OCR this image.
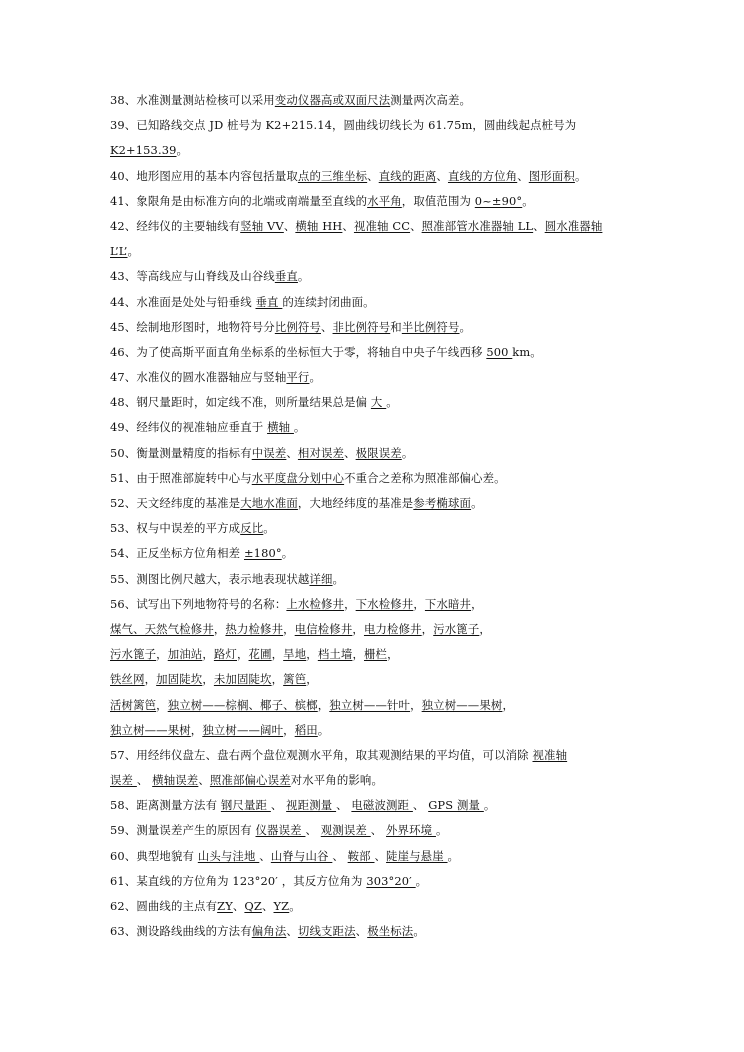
38、水准测量测站检核可以采用变动仪器高或双面尺法测量两次高差。
39、已知路线交点 JD 桩号为 K2+215.14，圆曲线切线长为 61.75m，圆曲线起点桩号为
K2+153.39。
40、地形图应用的基本内容包括量取点的三维坐标、直线的距离、直线的方位角、图形面积。
41、象限角是由标准方向的北端或南端量至直线的水平角，取值范围为 0~±90°。
42、经纬仪的主要轴线有竖轴 VV、横轴 HH、视准轴 CC、照准部管水准器轴 LL、圆水准器轴
L’L’。
43、等高线应与山脊线及山谷线垂直。
44、水准面是处处与铅垂线 垂直 的连续封闭曲面。
45、绘制地形图时，地物符号分比例符号、非比例符号和半比例符号。
46、为了使高斯平面直角坐标系的坐标恒大于零，将轴自中央子午线西移 500 km。
47、水准仪的圆水准器轴应与竖轴平行。
48、钢尺量距时，如定线不准，则所量结果总是偏 大 。
49、经纬仪的视准轴应垂直于 横轴 。
50、衡量测量精度的指标有中误差、相对误差、极限误差。
51、由于照准部旋转中心与水平度盘分划中心不重合之差称为照准部偏心差。
52、天文经纬度的基准是大地水准面，大地经纬度的基准是参考椭球面。
53、权与中误差的平方成反比。
54、正反坐标方位角相差 ±180°。
55、测图比例尺越大，表示地表现状越详细。
56、试写出下列地物符号的名称：上水检修井，下水检修井，下水暗井，
煤气、天然气检修井，热力检修井，电信检修井，电力检修井，污水篦子，
污水篦子，加油站，路灯，花圃，旱地，档土墙，栅栏，
铁丝网，加固陡坎，未加固陡坎，篱笆，
活树篱笆，独立树——棕榈、椰子、槟榔，独立树——针叶，独立树——果树，
独立树——果树，独立树——阔叶，稻田。
57、用经纬仪盘左、盘右两个盘位观测水平角，取其观测结果的平均值，可以消除 视准轴
误差 、 横轴误差、照准部偏心误差对水平角的影响。
58、距离测量方法有 钢尺量距 、 视距测量 、 电磁波测距 、 GPS 测量 。
59、测量误差产生的原因有 仪器误差 、 观测误差 、 外界环境 。
60、典型地貌有 山头与洼地 、山脊与山谷 、 鞍部 、陡崖与悬崖 。
61、某直线的方位角为 123°20′ ，其反方位角为 303°20′ 。
62、圆曲线的主点有ZY、QZ、YZ。
63、测设路线曲线的方法有偏角法、切线支距法、极坐标法。
